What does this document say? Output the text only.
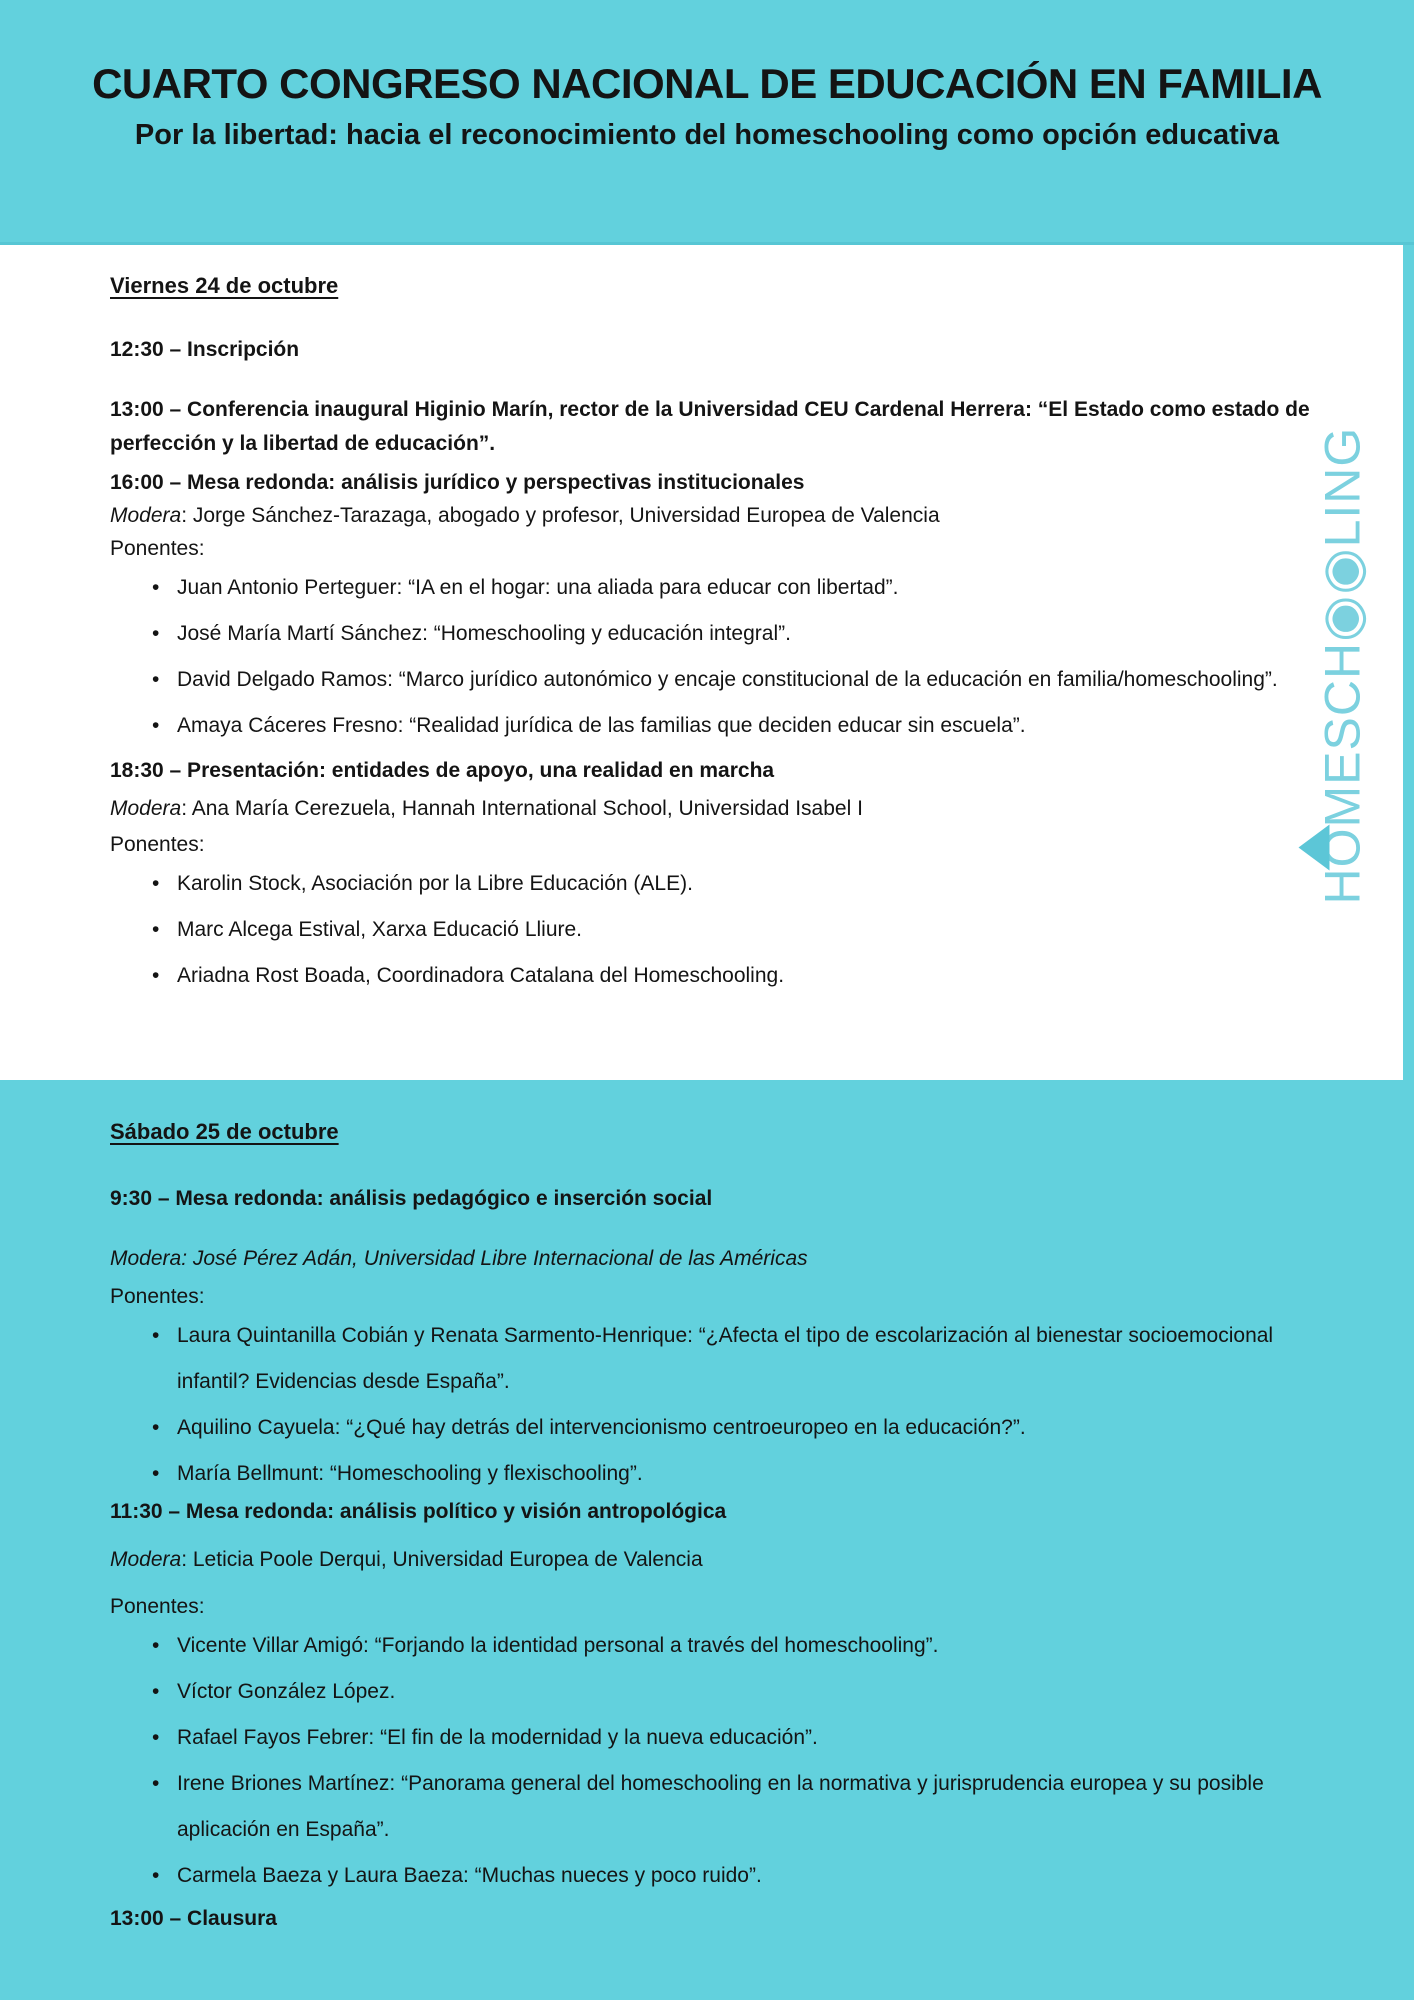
CUARTO CONGRESO NACIONAL DE EDUCACIÓN EN FAMILIA
Por la libertad: hacia el reconocimiento del homeschooling como opción educativa
H
OMESCH◉◉LING
Viernes 24 de octubre

12:30 – Inscripción

13:00 – Conferencia inaugural Higinio Marín, rector de la Universidad CEU Cardenal Herrera: “El Estado como estado de perfección y la libertad de educación”.

16:00 – Mesa redonda: análisis jurídico y perspectivas institucionales

Modera: Jorge Sánchez-Tarazaga, abogado y profesor, Universidad Europea de Valencia

Ponentes:

• Juan Antonio Perteguer: “IA en el hogar: una aliada para educar con libertad”.
• José María Martí Sánchez: “Homeschooling y educación integral”.
• David Delgado Ramos: “Marco jurídico autonómico y encaje constitucional de la educación en familia/homeschooling”.
• Amaya Cáceres Fresno: “Realidad jurídica de las familias que deciden educar sin escuela”.

18:30 – Presentación: entidades de apoyo, una realidad en marcha

Modera: Ana María Cerezuela, Hannah International School, Universidad Isabel I

Ponentes:

• Karolin Stock, Asociación por la Libre Educación (ALE).
• Marc Alcega Estival, Xarxa Educació Lliure.
• Ariadna Rost Boada, Coordinadora Catalana del Homeschooling.
Sábado 25 de octubre

9:30 – Mesa redonda: análisis pedagógico e inserción social

Modera: José Pérez Adán, Universidad Libre Internacional de las Américas

Ponentes:

• Laura Quintanilla Cobián y Renata Sarmento-Henrique: “¿Afecta el tipo de escolarización al bienestar socioemocional infantil? Evidencias desde España”.
• Aquilino Cayuela: “¿Qué hay detrás del intervencionismo centroeuropeo en la educación?”.
• María Bellmunt: “Homeschooling y flexischooling”.

11:30 – Mesa redonda: análisis político y visión antropológica

Modera: Leticia Poole Derqui, Universidad Europea de Valencia

Ponentes:

• Vicente Villar Amigó: “Forjando la identidad personal a través del homeschooling”.
• Víctor González López.
• Rafael Fayos Febrer: “El fin de la modernidad y la nueva educación”.
• Irene Briones Martínez: “Panorama general del homeschooling en la normativa y jurisprudencia europea y su posible aplicación en España”.
• Carmela Baeza y Laura Baeza: “Muchas nueces y poco ruido”.

13:00 – Clausura
